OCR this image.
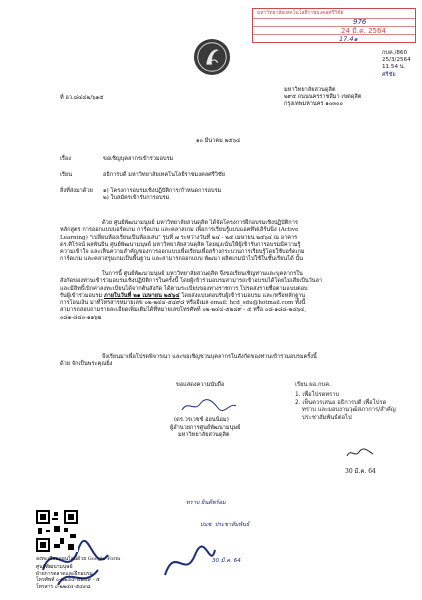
มหาวิทยาลัยเทคโนโลยีราชมงคลศรีวิชัย
976
24 มี.ค. 2564
17.4๑
กบค./860
25/3/2564
11.54 น.
ศรีชัย
ที่ อว.๘๔๔๒/๖๑๕
มหาวิทยาลัยสวนดุสิต
๒๙๕ ถนนนครราชสีมา เขตดุสิต
กรุงเทพมหานคร ๑๐๓๐๐
๑๐ มีนาคม ๒๕๖๔
เรื่อง	ขอเชิญบุคลากรเข้าร่วมอบรม
เรียน	อธิการบดี มหาวิทยาลัยเทคโนโลยีราชมงคลศรีวิชัย
สิ่งที่ส่งมาด้วย ๑) โครงการอบรมเชิงปฏิบัติการ/กำหนดการอบรม
๒) ใบสมัครเข้ารับการอบรม
ด้วย ศูนย์พัฒนามนุษย์ มหาวิทยาลัยสวนดุสิต ได้จัดโครงการฝึกอบรมเชิงปฏิบัติการ
หลักสูตร การออกแบบบอร์ดเกม การ์ดเกม และคลาสเกม เพื่อการเรียนรู้แบบแอคทีฟเลิร์นนิ่ง (Active
Learning) "เปลี่ยนห้องเรียนเป็นห้องเล่น" รุ่นที่ ๗ ระหว่างวันที่ ๒๔ - ๒๕ เมษายน ๒๕๖๔ ณ อาคาร
ดร.ศิโรจน์ ผลพันธิน ศูนย์พัฒนามนุษย์ มหาวิทยาลัยสวนดุสิต โดยมุ่งเน้นให้ผู้เข้ารับการอบรมมีความรู้
ความเข้าใจ และเห็นความสำคัญของการออกแบบเพื่อเรียนเพื่อสร้างกระบวนการเรียนรู้โดยใช้บอร์ดเกม
การ์ดเกม และคลาสรูมเกมเป็นพื้นฐาน และสามารถออกแบบ พัฒนา ผลิตเกมนำไปใช้ในชั้นเรียนได้ นั้น
ในการนี้ ศูนย์พัฒนามนุษย์ มหาวิทยาลัยสวนดุสิต จึงขอเรียนเชิญท่านและบุคลากรใน
สังกัดของท่านเข้าร่วมอบรมเชิงปฏิบัติการในครั้งนี้ โดยผู้เข้าร่วมอบรมสามารถเข้าอบรมได้โดยไม่เสียเป็นวันลา
และมีสิทธิ์เบิกค่าลงทะเบียนได้จากต้นสังกัด ได้ตามระเบียบของทางราชการ โปรดส่งรายชื่อตามแบบตอบ
รับผู้เข้าร่วมอบรม ภายในวันที่ ๒๑ เมษายน ๒๕๖๔ โดยส่งแบบตอบรับผู้เข้าร่วมอบรม และ/หรือหลักฐาน
การโอนเงิน มาที่โทรสารหมายเลข ๐๒-๒๔๔-๕๔๙๘ หรืออีเมล email: hcd_sdu@hotmail.com ทั้งนี้
สามารถสอบถามรายละเอียดเพิ่มเติมได้ที่หมายเลขโทรศัพท์ ๐๒-๒๔๔-๕๒๔๙ - ๕ หรือ ๐๘-๑๘๘-๒๘๖๔,
๐๘๑-๘๔๐-๑๑๖๒
จึงเรียนมาเพื่อโปรดพิจารณา และขอเชิญชวนบุคลากรในสังกัดของท่านเข้าร่วมอบรมครั้งนี้
ด้วย จักเป็นพระคุณยิ่ง
ขอแสดงความนับถือ
(ดร.วรเวชช์ อ่อนน้อม)
ผู้อำนวยการศูนย์พัฒนามนุษย์
มหาวิทยาลัยสวนดุสิต
เรียน ผอ.กบค.
1. เพื่อโปรดทราบ
2. เห็นควรเสนอ อธิการบดี เพื่อโปรด
ทราบ และมอบงานวุฒิสภาการ/สำคัญ
ประชาสัมพันธ์ต่อไป
30 มี.ค. 64
ทราบ ยินดีพร้อม
ปนช. ประชาสัมพันธ์
30 มี.ค. 64
ลงทะเบียนออนไลน์ด้วย Google Form
ศูนย์พัฒนามนุษย์
ฝ่ายการตลาดและฝึกอบรม
โทรศัพท์ ๐-๒๒๔๔-๕๒๔๙ - ๕
โทรสาร ๐-๒๒๔๔-๕๔๙๘
